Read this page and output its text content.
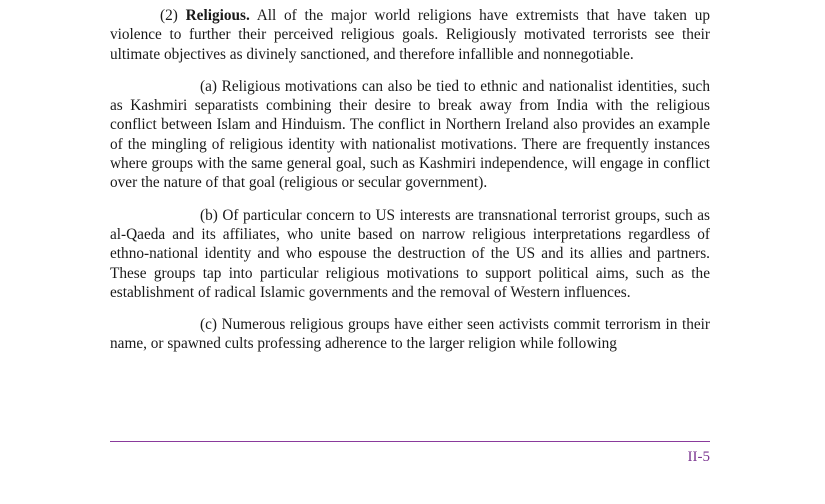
(2) Religious. All of the major world religions have extremists that have taken up violence to further their perceived religious goals. Religiously motivated terrorists see their ultimate objectives as divinely sanctioned, and therefore infallible and nonnegotiable.

(a) Religious motivations can also be tied to ethnic and nationalist identities, such as Kashmiri separatists combining their desire to break away from India with the religious conflict between Islam and Hinduism. The conflict in Northern Ireland also provides an example of the mingling of religious identity with nationalist motivations. There are frequently instances where groups with the same general goal, such as Kashmiri independence, will engage in conflict over the nature of that goal (religious or secular government).

(b) Of particular concern to US interests are transnational terrorist groups, such as al-Qaeda and its affiliates, who unite based on narrow religious interpretations regardless of ethno-national identity and who espouse the destruction of the US and its allies and partners. These groups tap into particular religious motivations to support political aims, such as the establishment of radical Islamic governments and the removal of Western influences.

(c) Numerous religious groups have either seen activists commit terrorism in their name, or spawned cults professing adherence to the larger religion while following

II-5
